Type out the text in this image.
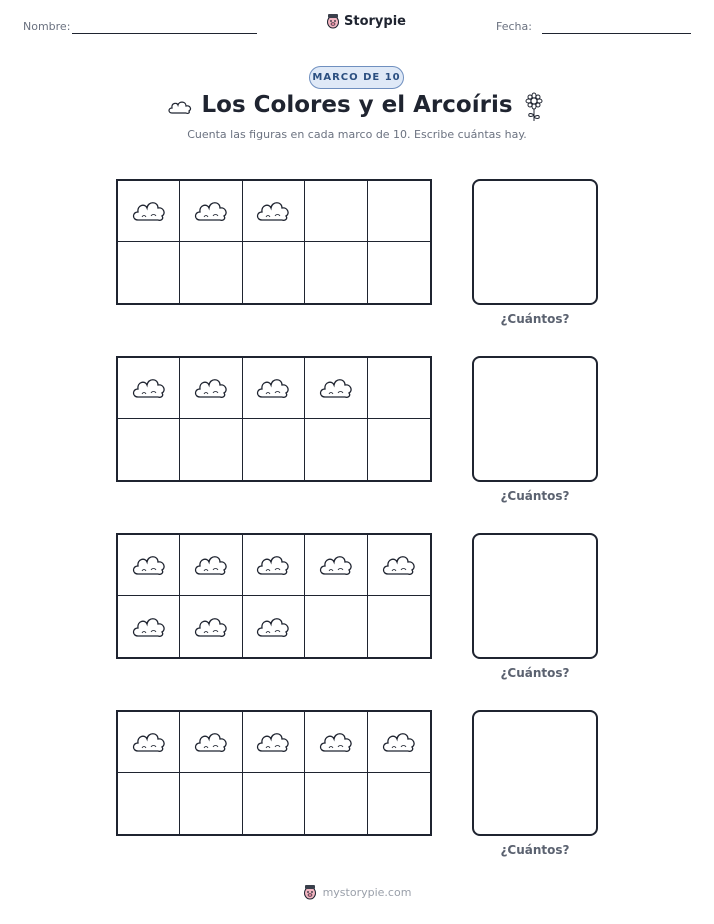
Nombre:	Storypie	Fecha:
MARCO DE 10
Los Colores y el Arcoíris
Cuenta las figuras en cada marco de 10. Escribe cuántas hay.
¿Cuántos?
¿Cuántos?
¿Cuántos?
¿Cuántos?
mystorypie.com
